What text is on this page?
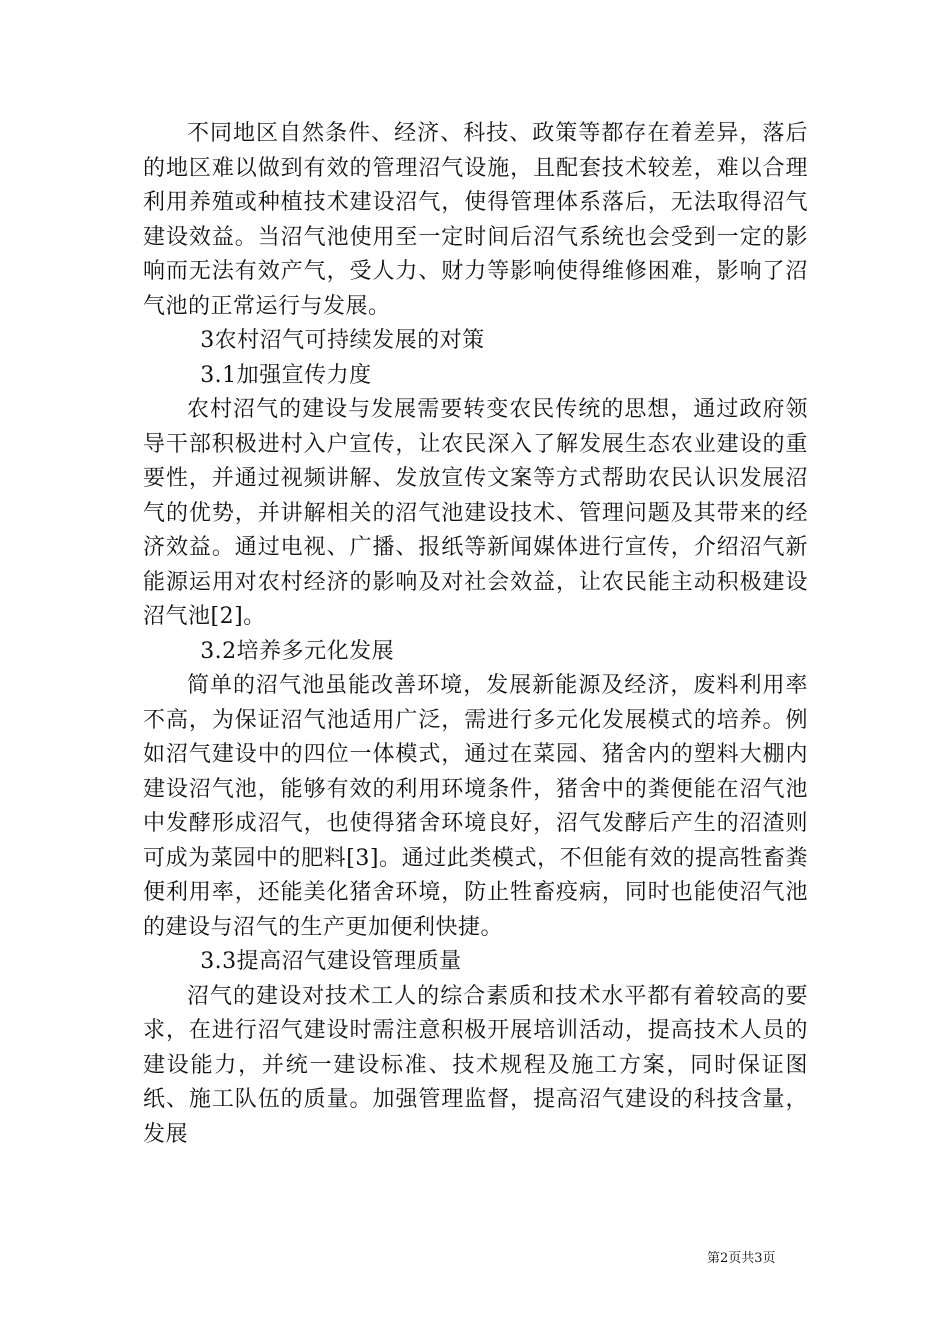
不同地区自然条件、经济、科技、政策等都存在着差异，落后的地区难以做到有效的管理沼气设施，且配套技术较差，难以合理利用养殖或种植技术建设沼气，使得管理体系落后，无法取得沼气建设效益。当沼气池使用至一定时间后沼气系统也会受到一定的影响而无法有效产气，受人力、财力等影响使得维修困难，影响了沼气池的正常运行与发展。

3农村沼气可持续发展的对策

3.1加强宣传力度

农村沼气的建设与发展需要转变农民传统的思想，通过政府领导干部积极进村入户宣传，让农民深入了解发展生态农业建设的重要性，并通过视频讲解、发放宣传文案等方式帮助农民认识发展沼气的优势，并讲解相关的沼气池建设技术、管理问题及其带来的经济效益。通过电视、广播、报纸等新闻媒体进行宣传，介绍沼气新能源运用对农村经济的影响及对社会效益，让农民能主动积极建设沼气池[2]。

3.2培养多元化发展

简单的沼气池虽能改善环境，发展新能源及经济，废料利用率不高，为保证沼气池适用广泛，需进行多元化发展模式的培养。例如沼气建设中的四位一体模式，通过在菜园、猪舍内的塑料大棚内建设沼气池，能够有效的利用环境条件，猪舍中的粪便能在沼气池中发酵形成沼气，也使得猪舍环境良好，沼气发酵后产生的沼渣则可成为菜园中的肥料[3]。通过此类模式，不但能有效的提高牲畜粪便利用率，还能美化猪舍环境，防止牲畜疫病，同时也能使沼气池的建设与沼气的生产更加便利快捷。

3.3提高沼气建设管理质量

沼气的建设对技术工人的综合素质和技术水平都有着较高的要求，在进行沼气建设时需注意积极开展培训活动，提高技术人员的建设能力，并统一建设标准、技术规程及施工方案，同时保证图纸、施工队伍的质量。加强管理监督，提高沼气建设的科技含量，发展

第2页共3页
